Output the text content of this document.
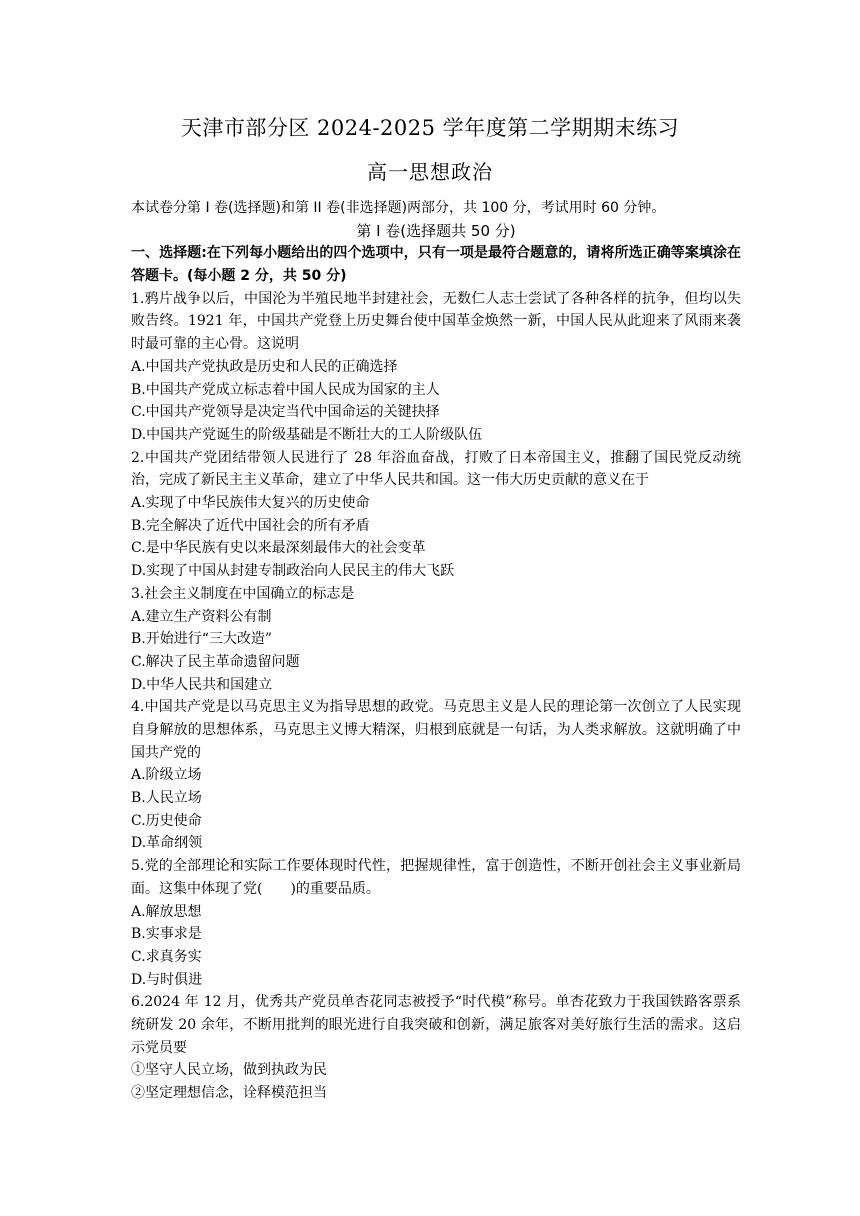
天津市部分区 2024-2025 学年度第二学期期末练习
高一思想政治
本试卷分第 I 卷(选择题)和第 II 卷(非选择题)两部分，共 100 分，考试用时 60 分钟。
第 I 卷(选择题共 50 分)
一、选择题:在下列每小题给出的四个选项中，只有一项是最符合题意的，请将所选正确等案填涂在答题卡。(每小题 2 分，共 50 分)
1.鸦片战争以后，中国沦为半殖民地半封建社会，无数仁人志士尝试了各种各样的抗争，但均以失败告终。1921 年，中国共产党登上历史舞台使中国革金焕然一新，中国人民从此迎来了风雨来袭时最可靠的主心骨。这说明
A.中国共产党执政是历史和人民的正确选择
B.中国共产党成立标志着中国人民成为国家的主人
C.中国共产党领导是决定当代中国命运的关键抉择
D.中国共产党诞生的阶级基础是不断壮大的工人阶级队伍
2.中国共产党团结带领人民进行了 28 年浴血奋战，打败了日本帝国主义，推翻了国民党反动统治，完成了新民主主义革命，建立了中华人民共和国。这一伟大历史贡献的意义在于
A.实现了中华民族伟大复兴的历史使命
B.完全解决了近代中国社会的所有矛盾
C.是中华民族有史以来最深刻最伟大的社会变革
D.实现了中国从封建专制政治向人民民主的伟大飞跃
3.社会主义制度在中国确立的标志是
A.建立生产资料公有制
B.开始进行“三大改造”
C.解决了民主革命遗留问题
D.中华人民共和国建立
4.中国共产党是以马克思主义为指导思想的政党。马克思主义是人民的理论第一次创立了人民实现自身解放的思想体系，马克思主义博大精深，归根到底就是一句话，为人类求解放。这就明确了中国共产党的
A.阶级立场
B.人民立场
C.历史使命
D.革命纲领
5.党的全部理论和实际工作要体现时代性，把握规律性，富于创造性，不断开创社会主义事业新局面。这集中体现了党(　　)的重要品质。
A.解放思想
B.实事求是
C.求真务实
D.与时俱进
6.2024 年 12 月，优秀共产党员单杏花同志被授予“时代模”称号。单杏花致力于我国铁路客票系统研发 20 余年，不断用批判的眼光进行自我突破和创新，满足旅客对美好旅行生活的需求。这启示党员要
①坚守人民立场，做到执政为民
②坚定理想信念，诠释模范担当
